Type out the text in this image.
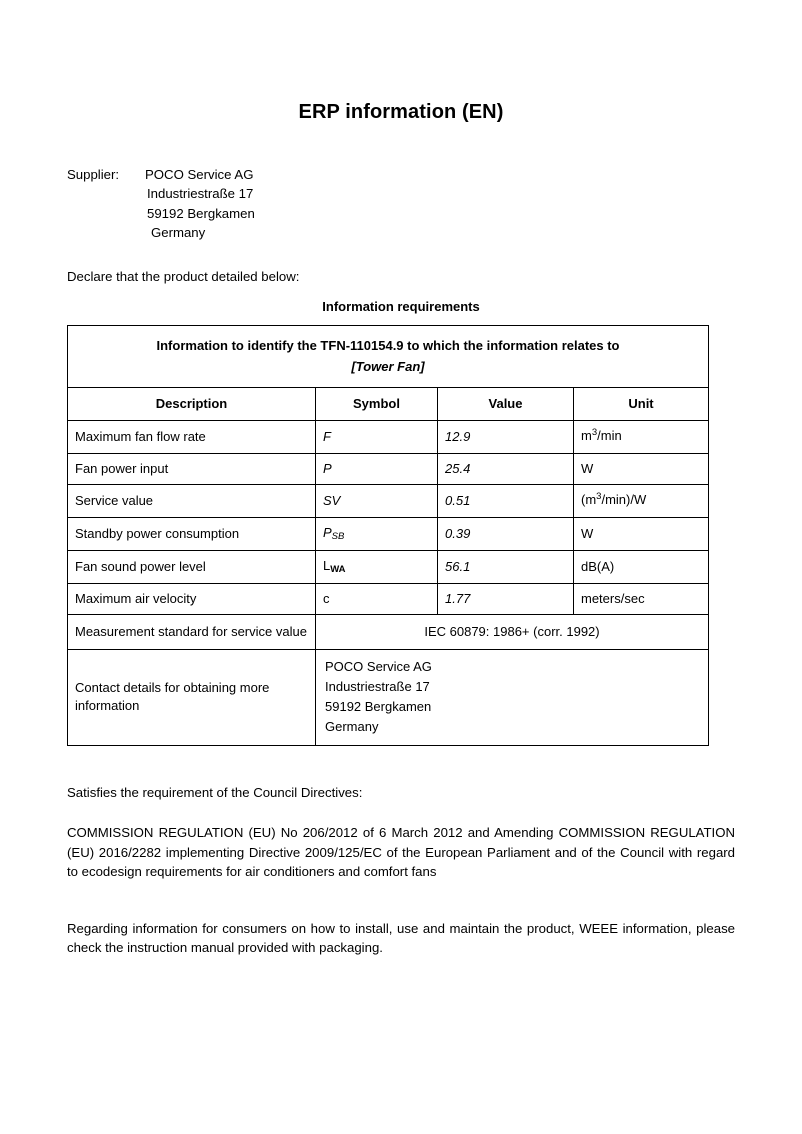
ERP information (EN)
Supplier:	POCO Service AG
Industriestraße 17
59192 Bergkamen
Germany
Declare that the product detailed below:
Information requirements
Information to identify the TFN-110154.9 to which the information relates to
[Tower Fan]			

Description	Symbol	Value	Unit

Maximum fan flow rate	F	12.9	$m^3/\min$

Fan power input	P	25.4	W

Service value	SV	0.51	$(m^3/\min)/W$

Standby power consumption	$P_{SB}$	0.39	W

Fan sound power level	$L_{WA}$	56.1	dB(A)

Maximum air velocity	c	1.77	meters/sec

Measurement standard for service value	IEC 60879: 1986+ (corr. 1992)		

Contact details for obtaining more information	POCO Service AG
Industriestraße 17
59192 Bergkamen
Germany		
Satisfies the requirement of the Council Directives:
COMMISSION REGULATION (EU) No 206/2012 of 6 March 2012 and Amending COMMISSION REGULATION (EU) 2016/2282 implementing Directive 2009/125/EC of the European Parliament and of the Council with regard to ecodesign requirements for air conditioners and comfort fans
Regarding information for consumers on how to install, use and maintain the product, WEEE information, please check the instruction manual provided with packaging.
